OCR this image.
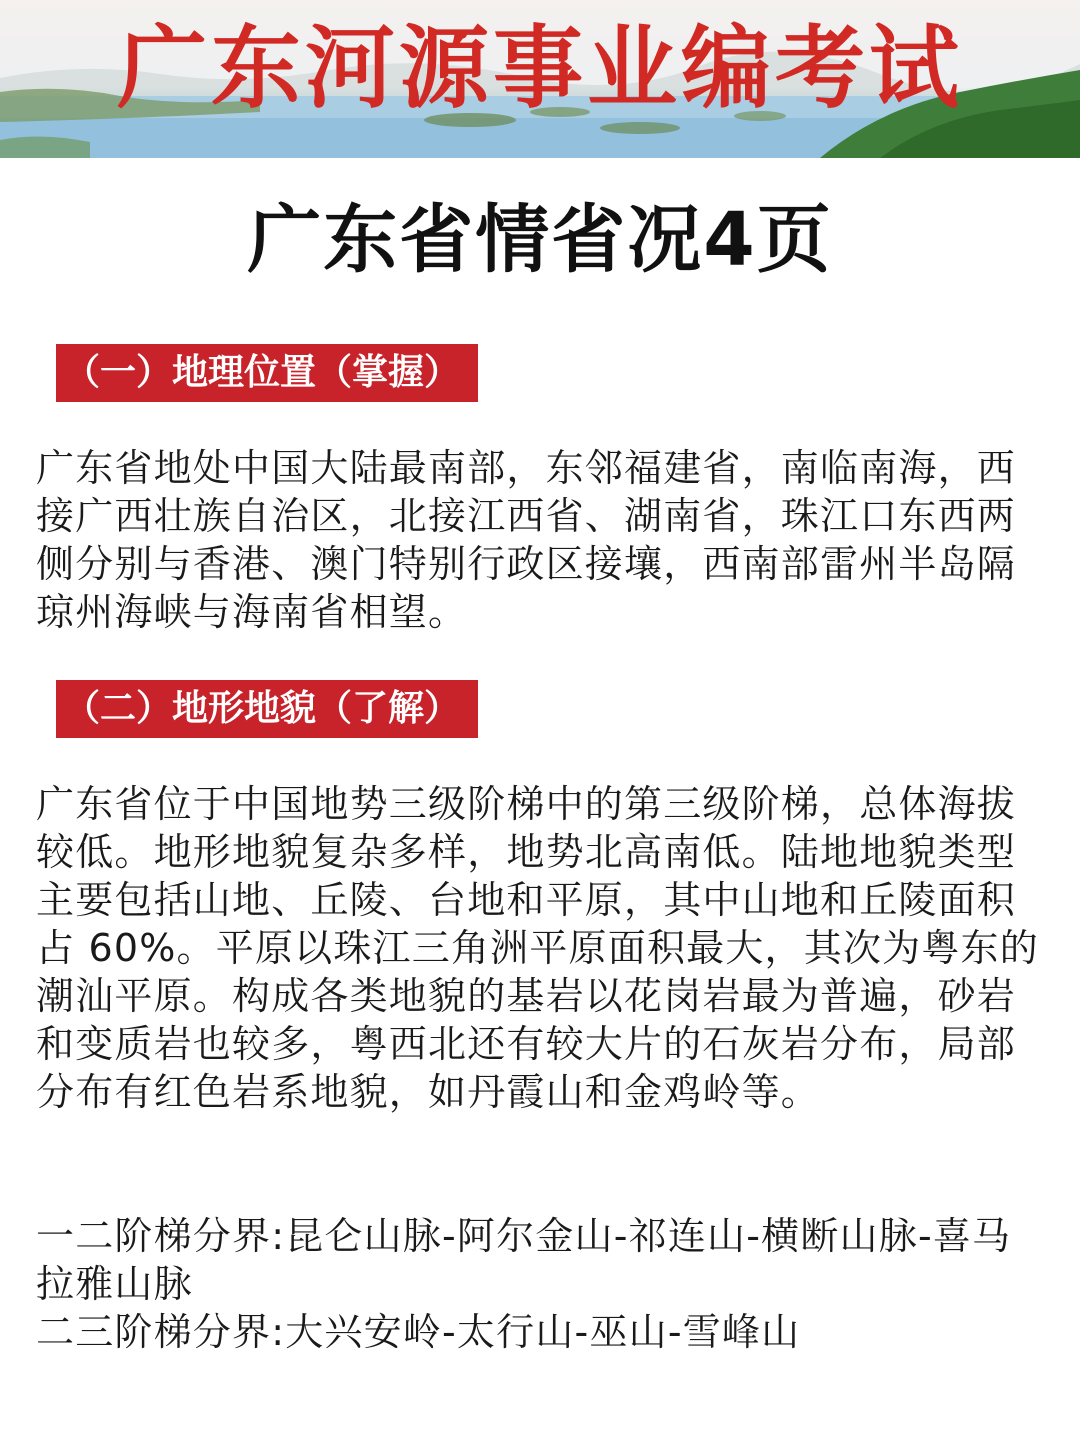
广东河源事业编考试
广东省情省况4页
（一）地理位置（掌握）

广东省地处中国大陆最南部，东邻福建省，南临南海，西接广西壮族自治区，北接江西省、湖南省，珠江口东西两侧分别与香港、澳门特别行政区接壤，西南部雷州半岛隔琼州海峡与海南省相望。

（二）地形地貌（了解）

广东省位于中国地势三级阶梯中的第三级阶梯，总体海拔较低。地形地貌复杂多样，地势北高南低。陆地地貌类型主要包括山地、丘陵、台地和平原，其中山地和丘陵面积占 60%。平原以珠江三角洲平原面积最大，其次为粤东的潮汕平原。构成各类地貌的基岩以花岗岩最为普遍，砂岩和变质岩也较多，粤西北还有较大片的石灰岩分布，局部分布有红色岩系地貌，如丹霞山和金鸡岭等。

一二阶梯分界:昆仑山脉-阿尔金山-祁连山-横断山脉-喜马拉雅山脉
二三阶梯分界:大兴安岭-太行山-巫山-雪峰山
